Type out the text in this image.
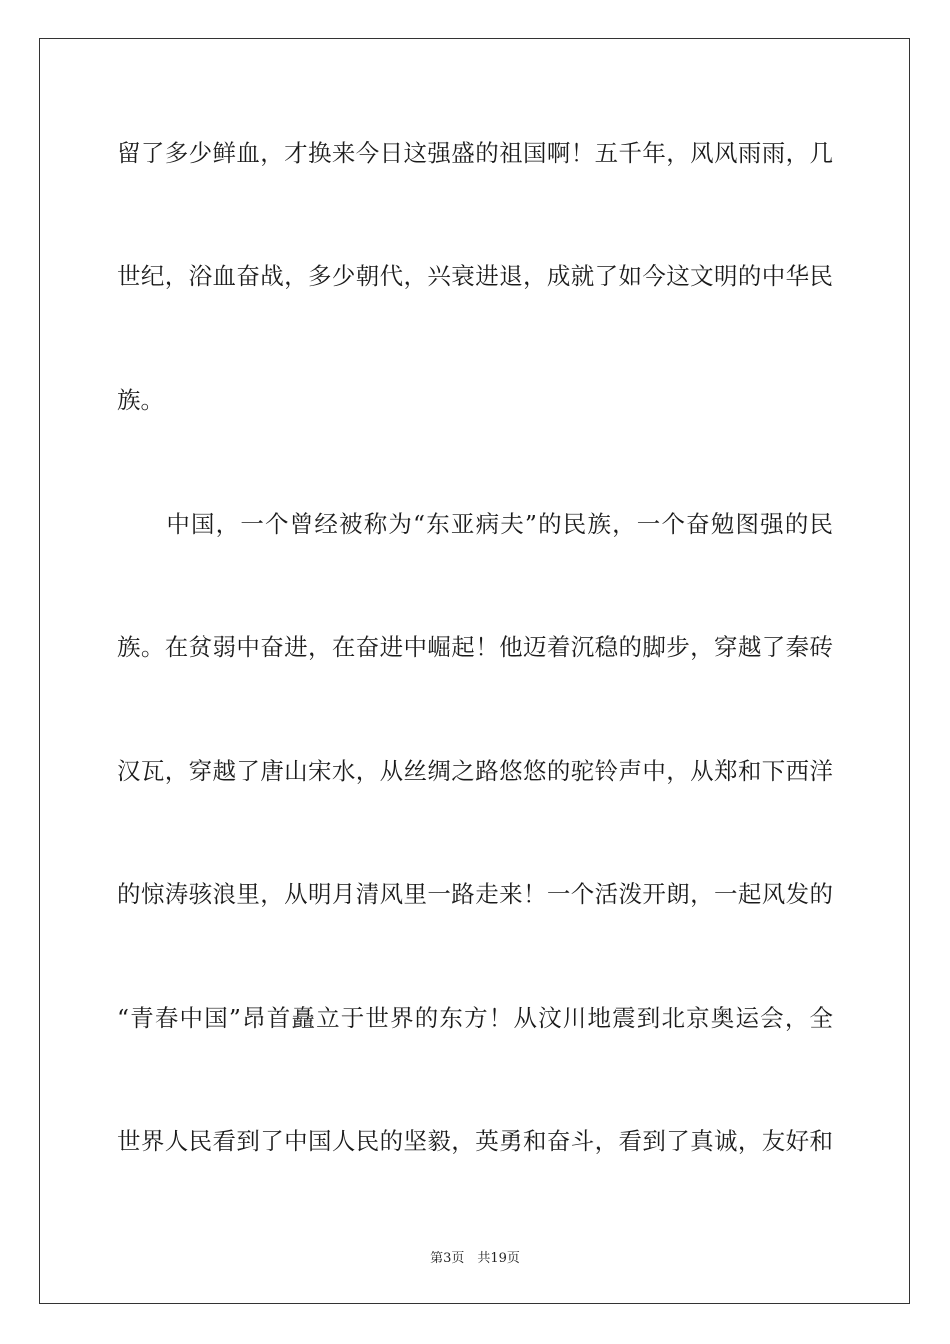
留了多少鲜血，才换来今日这强盛的祖国啊！五千年，风风雨雨，几
世纪，浴血奋战，多少朝代，兴衰进退，成就了如今这文明的中华民
族。
　　中国，一个曾经被称为“东亚病夫”的民族，一个奋勉图强的民
族。在贫弱中奋进，在奋进中崛起！他迈着沉稳的脚步，穿越了秦砖
汉瓦，穿越了唐山宋水，从丝绸之路悠悠的驼铃声中，从郑和下西洋
的惊涛骇浪里，从明月清风里一路走来！一个活泼开朗，一起风发的
“青春中国”昂首矗立于世界的东方！从汶川地震到北京奥运会，全
世界人民看到了中国人民的坚毅，英勇和奋斗，看到了真诚，友好和
第3页　共19页
